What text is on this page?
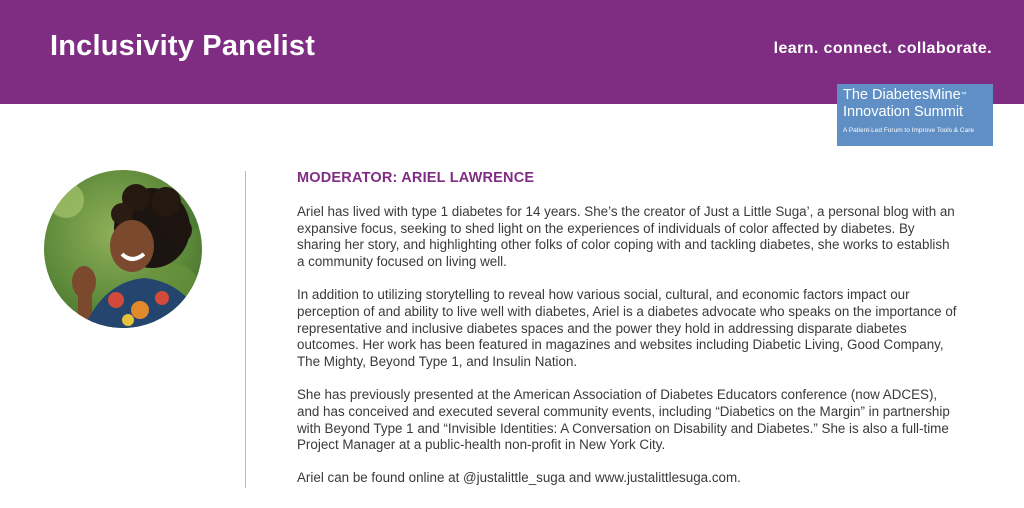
Inclusivity Panelist	learn. connect. collaborate.
The DiabetesMine™
Innovation Summit
A Patient-Led Forum to Improve Tools & Care
MODERATOR: ARIEL LAWRENCE

Ariel has lived with type 1 diabetes for 14 years. She’s the creator of Just a Little Suga’, a personal blog with an expansive focus, seeking to shed light on the experiences of individuals of color affected by diabetes. By sharing her story, and highlighting other folks of color coping with and tackling diabetes, she works to establish a community focused on living well.

In addition to utilizing storytelling to reveal how various social, cultural, and economic factors impact our perception of and ability to live well with diabetes, Ariel is a diabetes advocate who speaks on the importance of representative and inclusive diabetes spaces and the power they hold in addressing disparate diabetes outcomes. Her work has been featured in magazines and websites including Diabetic Living, Good Company, The Mighty, Beyond Type 1, and Insulin Nation.

She has previously presented at the American Association of Diabetes Educators conference (now ADCES), and has conceived and executed several community events, including “Diabetics on the Margin” in partnership with Beyond Type 1 and “Invisible Identities: A Conversation on Disability and Diabetes.” She is also a full-time Project Manager at a public-health non-profit in New York City.

Ariel can be found online at @justalittle_suga and www.justalittlesuga.com.
